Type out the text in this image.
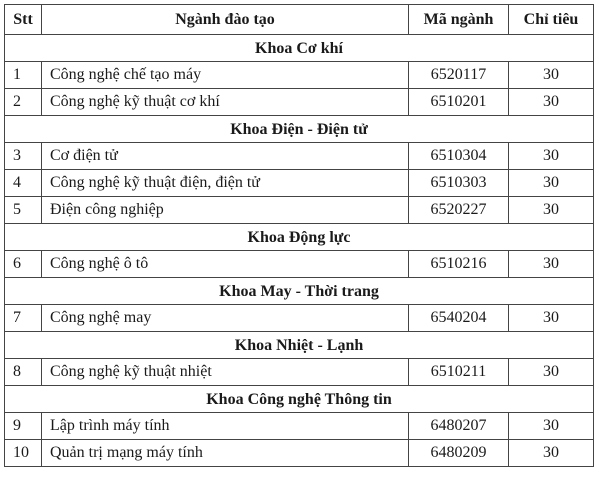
Stt	Ngành đào tạo	Mã ngành	Chỉ tiêu
Khoa Cơ khí			
1	Công nghệ chế tạo máy	6520117	30
2	Công nghệ kỹ thuật cơ khí	6510201	30
Khoa Điện - Điện tử			
3	Cơ điện tử	6510304	30
4	Công nghệ kỹ thuật điện, điện tử	6510303	30
5	Điện công nghiệp	6520227	30
Khoa Động lực			
6	Công nghệ ô tô	6510216	30
Khoa May - Thời trang			
7	Công nghệ may	6540204	30
Khoa Nhiệt - Lạnh			
8	Công nghệ kỹ thuật nhiệt	6510211	30
Khoa Công nghệ Thông tin			
9	Lập trình máy tính	6480207	30
10	Quản trị mạng máy tính	6480209	30
